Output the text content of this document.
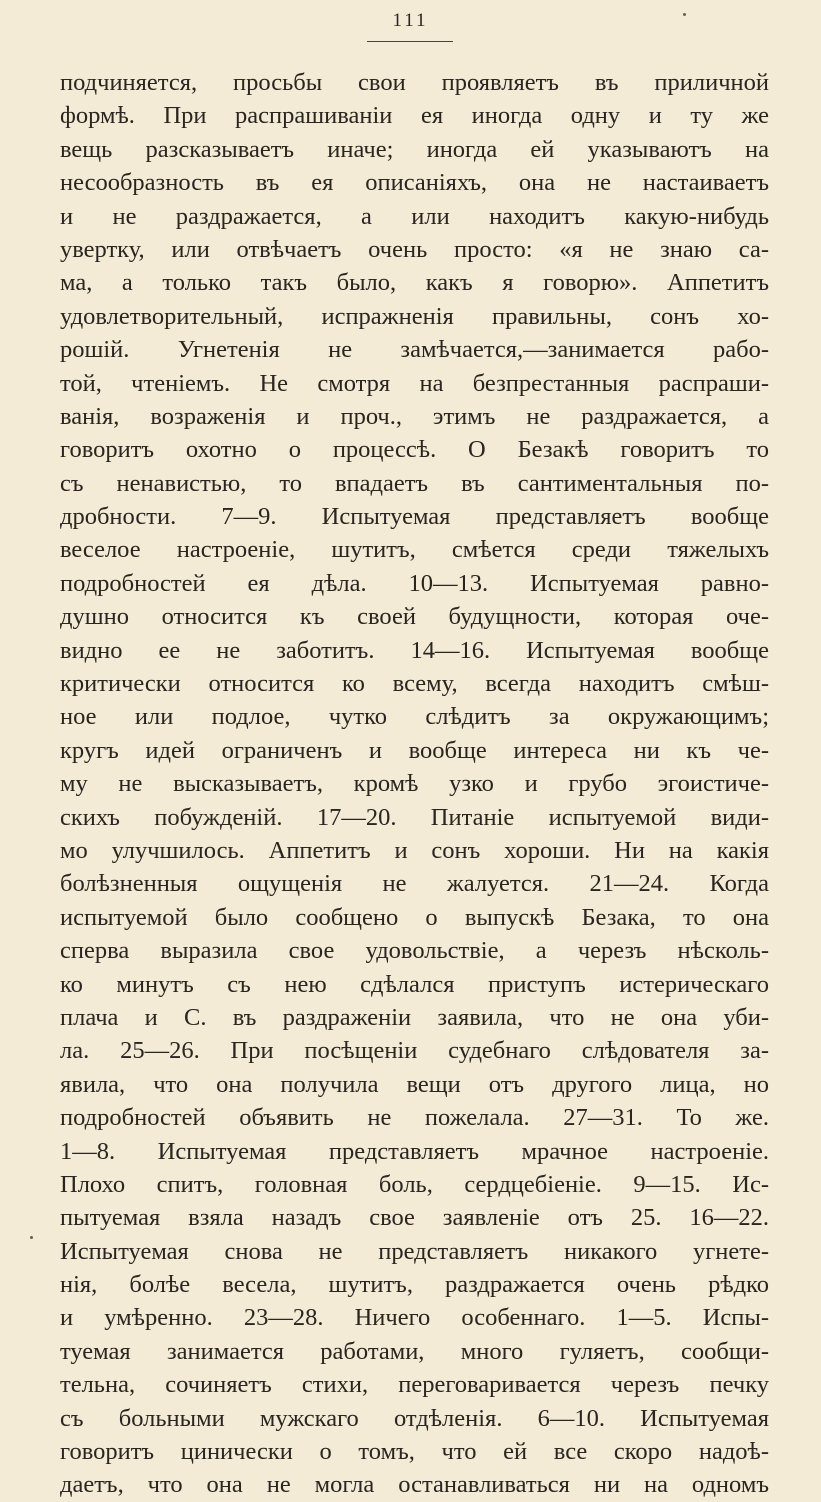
111
подчиняется, просьбы свои проявляетъ въ приличной
формѣ. При распрашиванiи ея иногда одну и ту же
вещь разсказываетъ иначе; иногда ей указываютъ на
несообразность въ ея описанiяхъ, она не настаиваетъ
и не раздражается, а или находитъ какую-нибудь
увертку, или отвѣчаетъ очень просто: «я не знаю са-
ма, а только такъ было, какъ я говорю». Аппетитъ
удовлетворительный, испражненiя правильны, сонъ хо-
рошiй. Угнетенiя не замѣчается,—занимается рабо-
той, чтенiемъ. Не смотря на безпрестанныя распраши-
ванiя, возраженiя и проч., этимъ не раздражается, а
говоритъ охотно о процессѣ. О Безакѣ говоритъ то
съ ненавистью, то впадаетъ въ сантиментальныя по-
дробности. 7—9. Испытуемая представляетъ вообще
веселое настроенiе, шутитъ, смѣется среди тяжелыхъ
подробностей ея дѣла. 10—13. Испытуемая равно-
душно относится къ своей будущности, которая оче-
видно ее не заботитъ. 14—16. Испытуемая вообще
критически относится ко всему, всегда находитъ смѣш-
ное или подлое, чутко слѣдитъ за окружающимъ;
кругъ идей ограниченъ и вообще интереса ни къ че-
му не высказываетъ, кромѣ узко и грубо эгоистиче-
скихъ побужденiй. 17—20. Питанiе испытуемой види-
мо улучшилось. Аппетитъ и сонъ хороши. Ни на какiя
болѣзненныя ощущенiя не жалуется. 21—24. Когда
испытуемой было сообщено о выпускѣ Безака, то она
сперва выразила свое удовольствiе, а черезъ нѣсколь-
ко минутъ съ нею сдѣлался приступъ истерическаго
плача и С. въ раздраженiи заявила, что не она уби-
ла. 25—26. При посѣщенiи судебнаго слѣдователя за-
явила, что она получила вещи отъ другого лица, но
подробностей объявить не пожелала. 27—31. То же.
1—8. Испытуемая представляетъ мрачное настроенiе.
Плохо спитъ, головная боль, сердцебiенiе. 9—15. Ис-
пытуемая взяла назадъ свое заявленiе отъ 25. 16—22.
Испытуемая снова не представляетъ никакого угнете-
нiя, болѣе весела, шутитъ, раздражается очень рѣдко
и умѣренно. 23—28. Ничего особеннаго. 1—5. Испы-
туемая занимается работами, много гуляетъ, сообщи-
тельна, сочиняетъ стихи, переговаривается черезъ печку
съ больными мужскаго отдѣленiя. 6—10. Испытуемая
говоритъ цинически о томъ, что ей все скоро надоѣ-
даетъ, что она не могла останавливаться ни на одномъ
